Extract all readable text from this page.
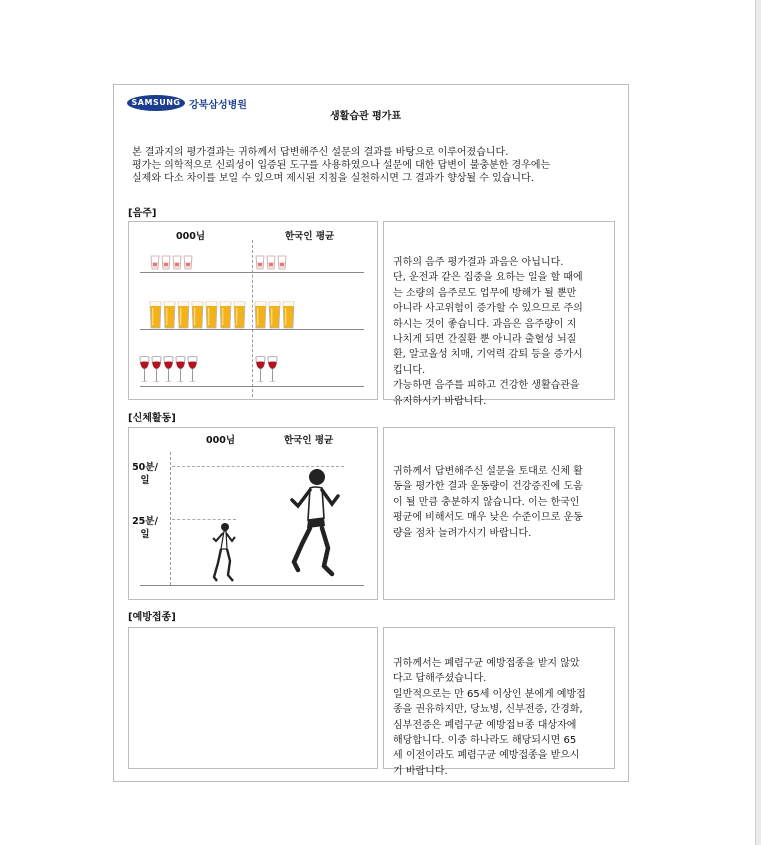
SAMSUNG 강북삼성병원
생활습관 평가표
본 결과지의 평가결과는 귀하께서 답변해주신 설문의 결과를 바탕으로 이루어졌습니다.
평가는 의학적으로 신뢰성이 입증된 도구를 사용하였으나 설문에 대한 답변이 불충분한 경우에는
실제와 다소 차이를 보일 수 있으며 제시된 지침을 실천하시면 그 결과가 향상될 수 있습니다.
[음주]
000님	한국인 평균
귀하의 음주 평가결과 과음은 아닙니다.
단, 운전과 같은 집중을 요하는 일을 할 때에
는 소량의 음주로도 업무에 방해가 될 뿐만
아니라 사고위험이 증가할 수 있으므로 주의
하시는 것이 좋습니다. 과음은 음주량이 지
나치게 되면 간질환 뿐 아니라 출혈성 뇌질
환, 알코올성 치매, 기억력 감퇴 등을 증가시
킵니다.
가능하면 음주를 피하고 건강한 생활습관을
유지하시기 바랍니다.
[신체활동]
000님	한국인 평균
50분/
일
25분/
일
귀하께서 답변해주신 설문을 토대로 신체 활
동을 평가한 결과 운동량이 건강증진에 도움
이 될 만큼 충분하지 않습니다. 이는 한국인
평균에 비해서도 매우 낮은 수준이므로 운동
량을 점차 늘려가시기 바랍니다.
[예방접종]
귀하께서는 폐렴구균 예방접종을 받지 않았
다고 답해주셨습니다.
일반적으로는 만 65세 이상인 분에게 예방접
종을 권유하지만, 당뇨병, 신부전증, 간경화,
심부전증은 폐렴구균 예방접ㅂ종 대상자에
해당합니다. 이중 하나라도 해당되시면 65
세 이전이라도 폐렴구균 예방접종을 받으시
기 바랍니다.
